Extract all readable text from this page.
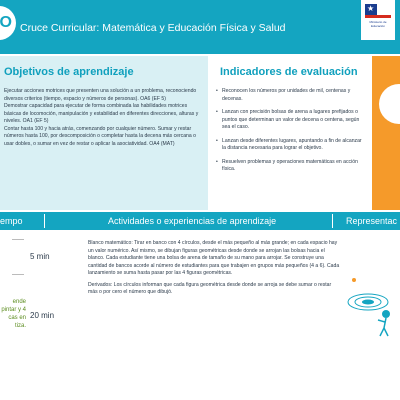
O Cruce Curricular: Matemática y Educación Física y Salud
★
Ministerio de Educación
Objetivos de aprendizaje

Ejecutar acciones motrices que presenten una solución a un problema, reconociendo diversos criterios (tiempo, espacio y números de personas). OA6 (EF 5)

Demostrar capacidad para ejecutar de forma combinada las habilidades motrices básicas de locomoción, manipulación y estabilidad en diferentes direcciones, alturas y niveles. OA1 (EF 5)

Contar hasta 100 y hacia atrás, comenzando por cualquier número. Sumar y restar números hasta 100, por descomposición o completar hasta la decena más cercana o usar dobles, o sumar en vez de restar o aplicar la asociatividad. OA4 (MAT)

Indicadores de evaluación
• Reconocen los números por unidades de mil, centenas y decenas.
• Lanzan con precisión bolsas de arena a lugares prefijados o puntos que determinan un valor de decena o centena, según sea el caso.
• Lanzan desde diferentes lugares, apuntando a fin de alcanzar la distancia necesaria para lograr el objetivo.
• Resuelven problemas y operaciones matemáticas en acción física.
empo	Actividades o experiencias de aprendizaje	Representac
5 min
ende pintar y 4 cas en tiza.
20 min

Blanco matemático: Tirar en banco con 4 círculos, desde el más pequeño al más grande; en cada espacio hay un valor numérico. Así mismo, se dibujan figuras geométricas desde donde se arrojan las bolsas hacia el blanco. Cada estudiante tiene una bolsa de arena de tamaño de su mano para arrojar. Se construye una cantidad de bancos acorde al número de estudiantes para que trabajen en grupos más pequeños (4 a 6). Cada lanzamiento se suma hasta pasar por las 4 figuras geométricas.

Derivados: Los círculos informan que cada figura geométrica desde donde se arroja se debe sumar o restar más o por cero el número que dibujó.
